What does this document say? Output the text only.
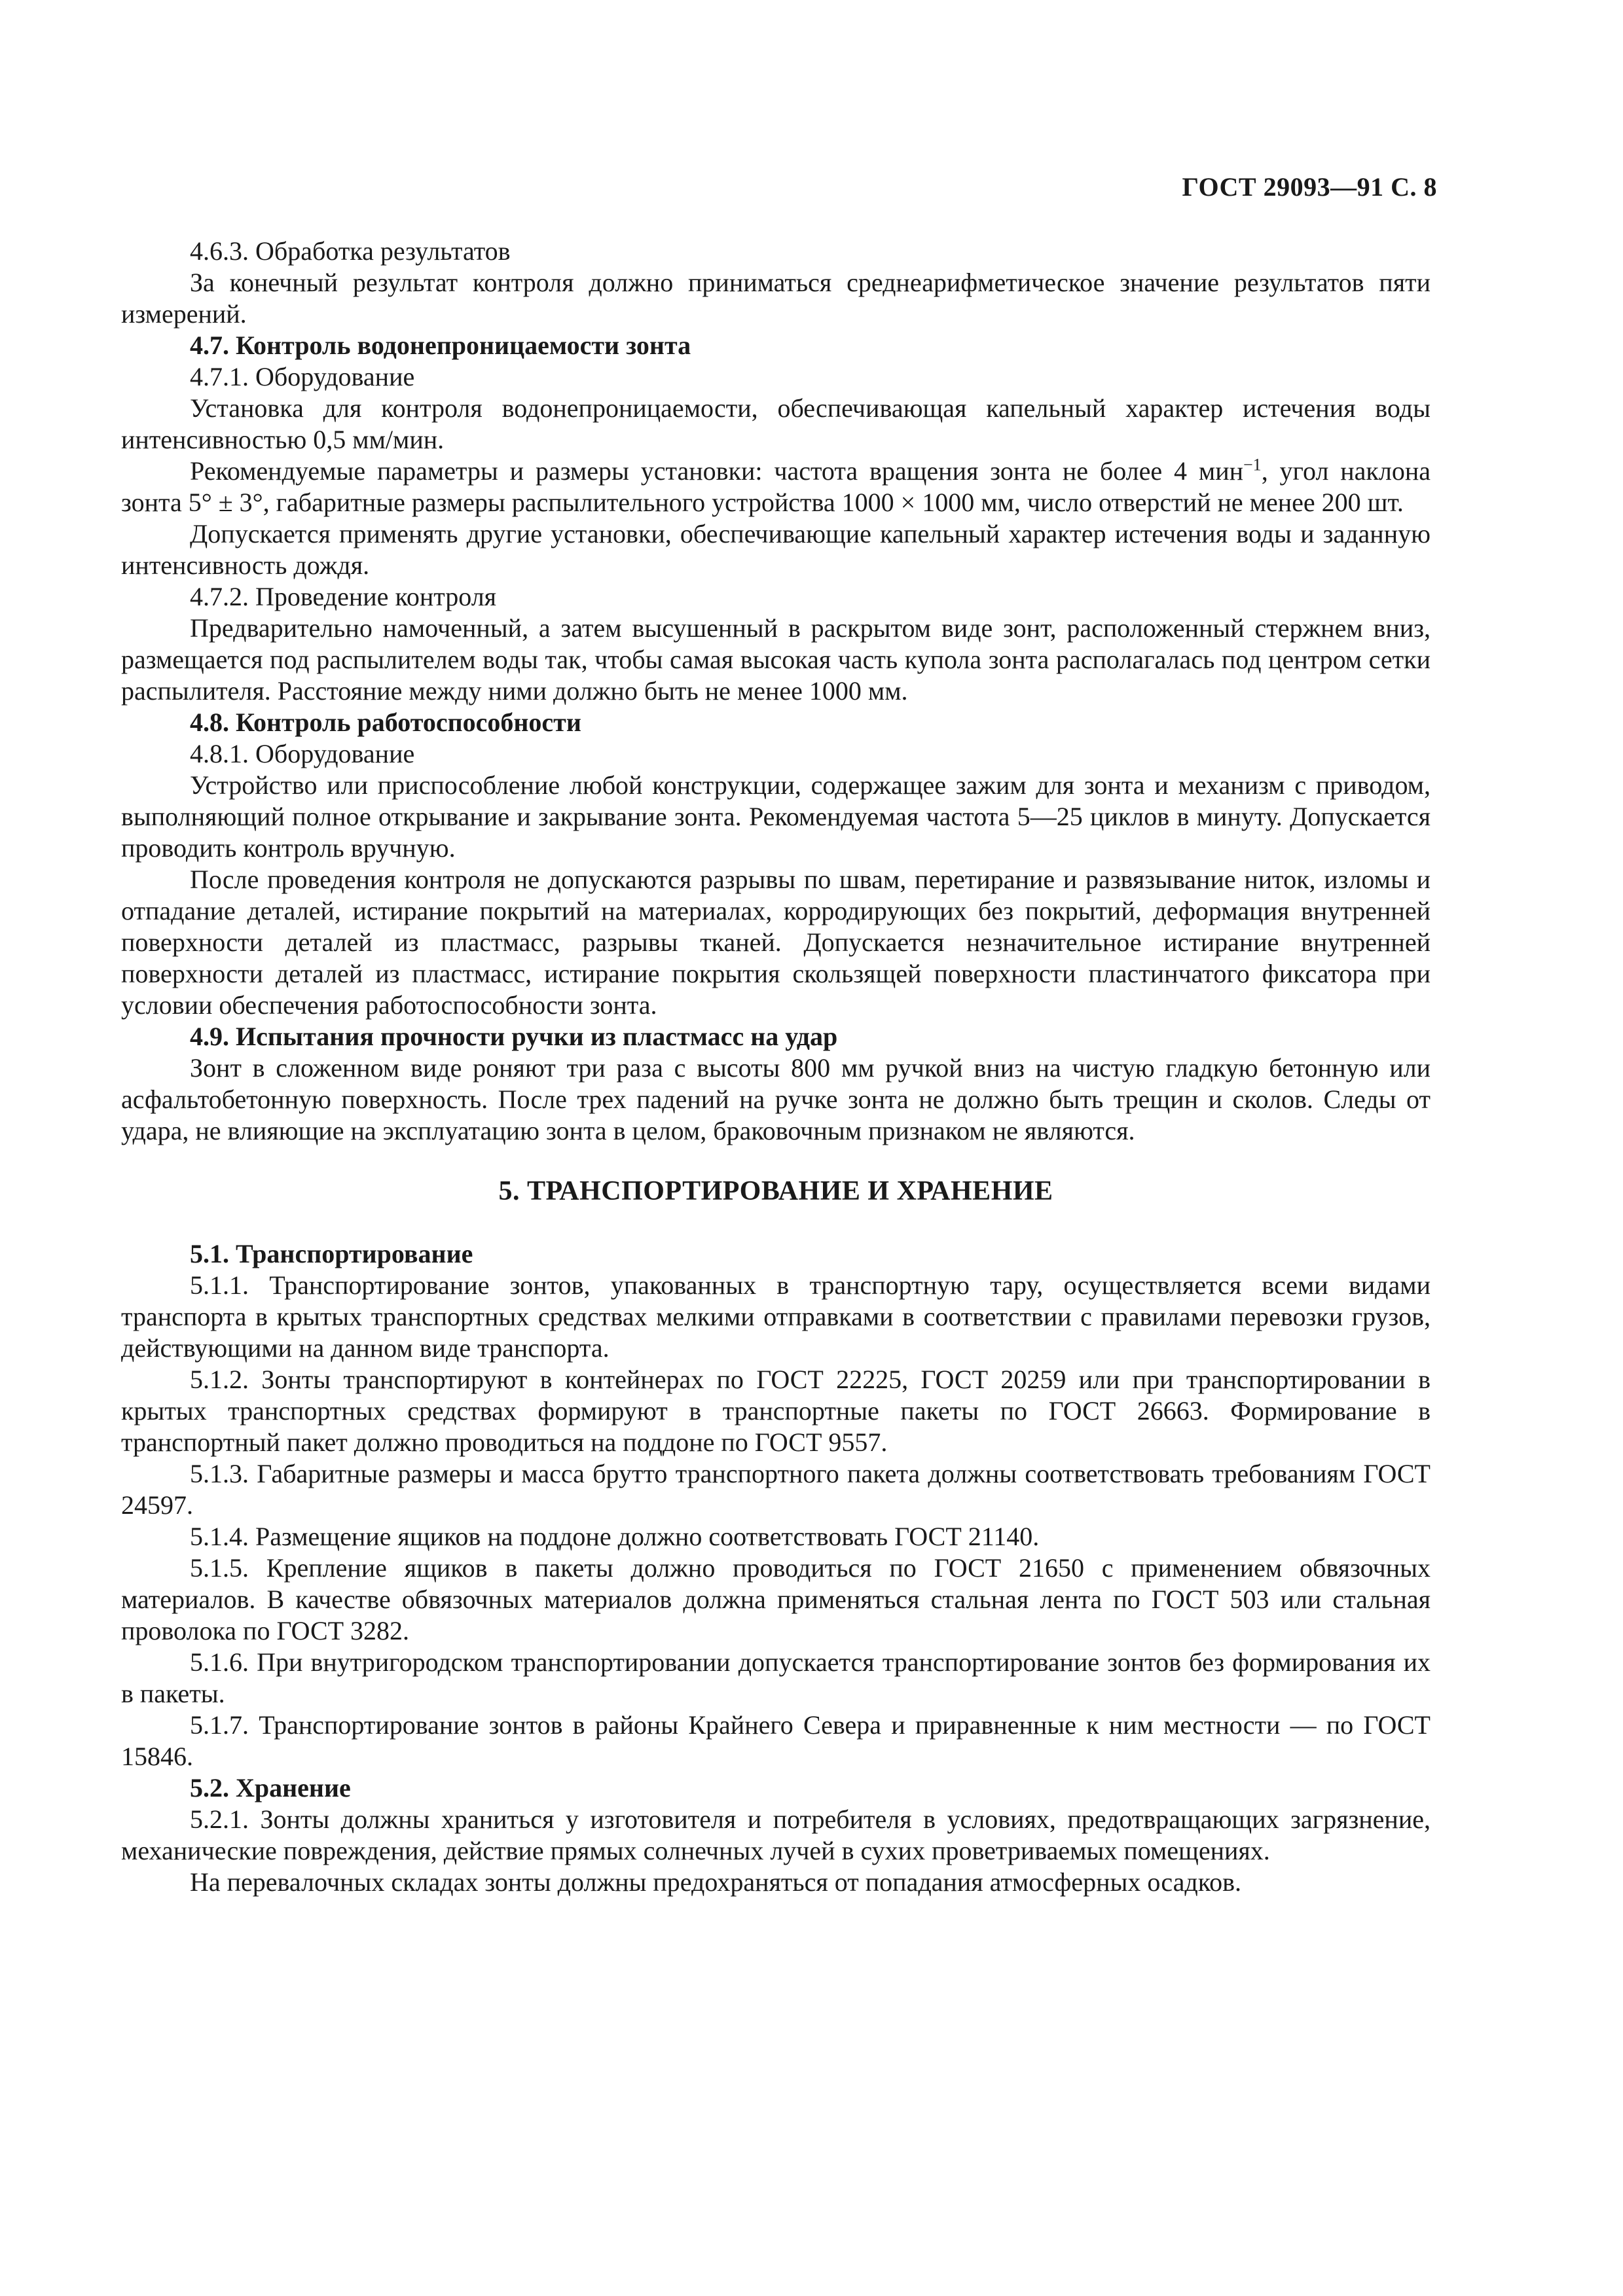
ГОСТ 29093—91 С. 8

4.6.3. Обработка результатов

За конечный результат контроля должно приниматься среднеарифметическое значение результатов пяти измерений.

4.7. Контроль водонепроницаемости зонта

4.7.1. Оборудование

Установка для контроля водонепроницаемости, обеспечивающая капельный характер истечения воды интенсивностью 0,5 мм/мин.

Рекомендуемые параметры и размеры установки: частота вращения зонта не более 4 мин$^{-1}$, угол наклона зонта 5° ± 3°, габаритные размеры распылительного устройства 1000 × 1000 мм, число отверстий не менее 200 шт.

Допускается применять другие установки, обеспечивающие капельный характер истечения воды и заданную интенсивность дождя.

4.7.2. Проведение контроля

Предварительно намоченный, а затем высушенный в раскрытом виде зонт, расположенный стержнем вниз, размещается под распылителем воды так, чтобы самая высокая часть купола зонта располагалась под центром сетки распылителя. Расстояние между ними должно быть не менее 1000 мм.

4.8. Контроль работоспособности

4.8.1. Оборудование

Устройство или приспособление любой конструкции, содержащее зажим для зонта и механизм с приводом, выполняющий полное открывание и закрывание зонта. Рекомендуемая частота 5—25 циклов в минуту. Допускается проводить контроль вручную.

После проведения контроля не допускаются разрывы по швам, перетирание и развязывание ниток, изломы и отпадание деталей, истирание покрытий на материалах, корродирующих без покрытий, деформация внутренней поверхности деталей из пластмасс, разрывы тканей. Допускается незначительное истирание внутренней поверхности деталей из пластмасс, истирание покрытия скользящей поверхности пластинчатого фиксатора при условии обеспечения работоспособности зонта.

4.9. Испытания прочности ручки из пластмасс на удар

Зонт в сложенном виде роняют три раза с высоты 800 мм ручкой вниз на чистую гладкую бетонную или асфальтобетонную поверхность. После трех падений на ручке зонта не должно быть трещин и сколов. Следы от удара, не влияющие на эксплуатацию зонта в целом, браковочным признаком не являются.

5. ТРАНСПОРТИРОВАНИЕ И ХРАНЕНИЕ

5.1. Транспортирование

5.1.1. Транспортирование зонтов, упакованных в транспортную тару, осуществляется всеми видами транспорта в крытых транспортных средствах мелкими отправками в соответствии с правилами перевозки грузов, действующими на данном виде транспорта.

5.1.2. Зонты транспортируют в контейнерах по ГОСТ 22225, ГОСТ 20259 или при транспортировании в крытых транспортных средствах формируют в транспортные пакеты по ГОСТ 26663. Формирование в транспортный пакет должно проводиться на поддоне по ГОСТ 9557.

5.1.3. Габаритные размеры и масса брутто транспортного пакета должны соответствовать требованиям ГОСТ 24597.

5.1.4. Размещение ящиков на поддоне должно соответствовать ГОСТ 21140.

5.1.5. Крепление ящиков в пакеты должно проводиться по ГОСТ 21650 с применением обвязочных материалов. В качестве обвязочных материалов должна применяться стальная лента по ГОСТ 503 или стальная проволока по ГОСТ 3282.

5.1.6. При внутригородском транспортировании допускается транспортирование зонтов без формирования их в пакеты.

5.1.7. Транспортирование зонтов в районы Крайнего Севера и приравненные к ним местности — по ГОСТ 15846.

5.2. Хранение

5.2.1. Зонты должны храниться у изготовителя и потребителя в условиях, предотвращающих загрязнение, механические повреждения, действие прямых солнечных лучей в сухих проветриваемых помещениях.

На перевалочных складах зонты должны предохраняться от попадания атмосферных осадков.
